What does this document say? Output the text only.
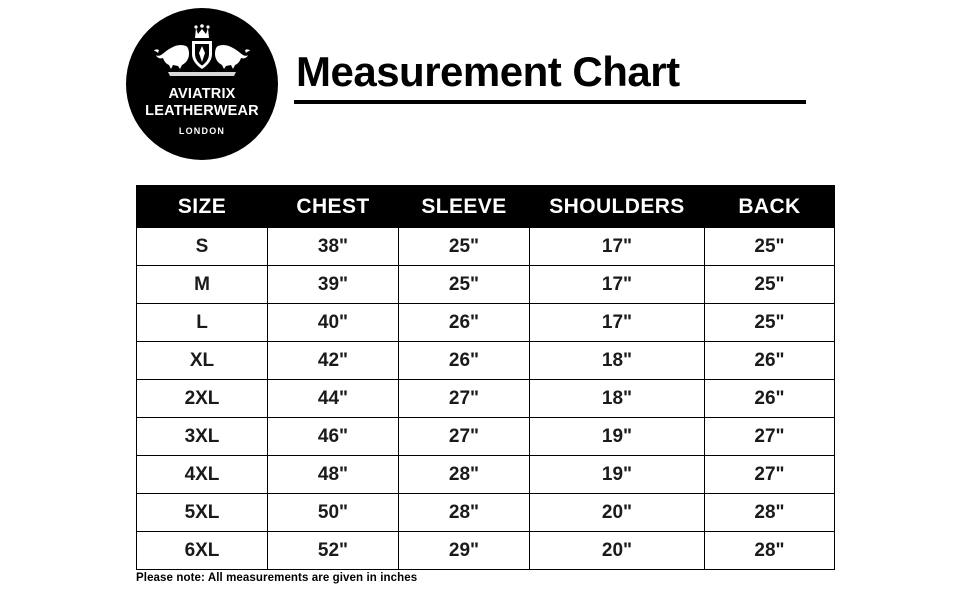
AVIATRIX
LEATHERWEAR
LONDON
Measurement Chart
SIZE	CHEST	SLEEVE	SHOULDERS	BACK
S	38"	25"	17"	25"
M	39"	25"	17"	25"
L	40"	26"	17"	25"
XL	42"	26"	18"	26"
2XL	44"	27"	18"	26"
3XL	46"	27"	19"	27"
4XL	48"	28"	19"	27"
5XL	50"	28"	20"	28"
6XL	52"	29"	20"	28"
Please note: All measurements are given in inches
